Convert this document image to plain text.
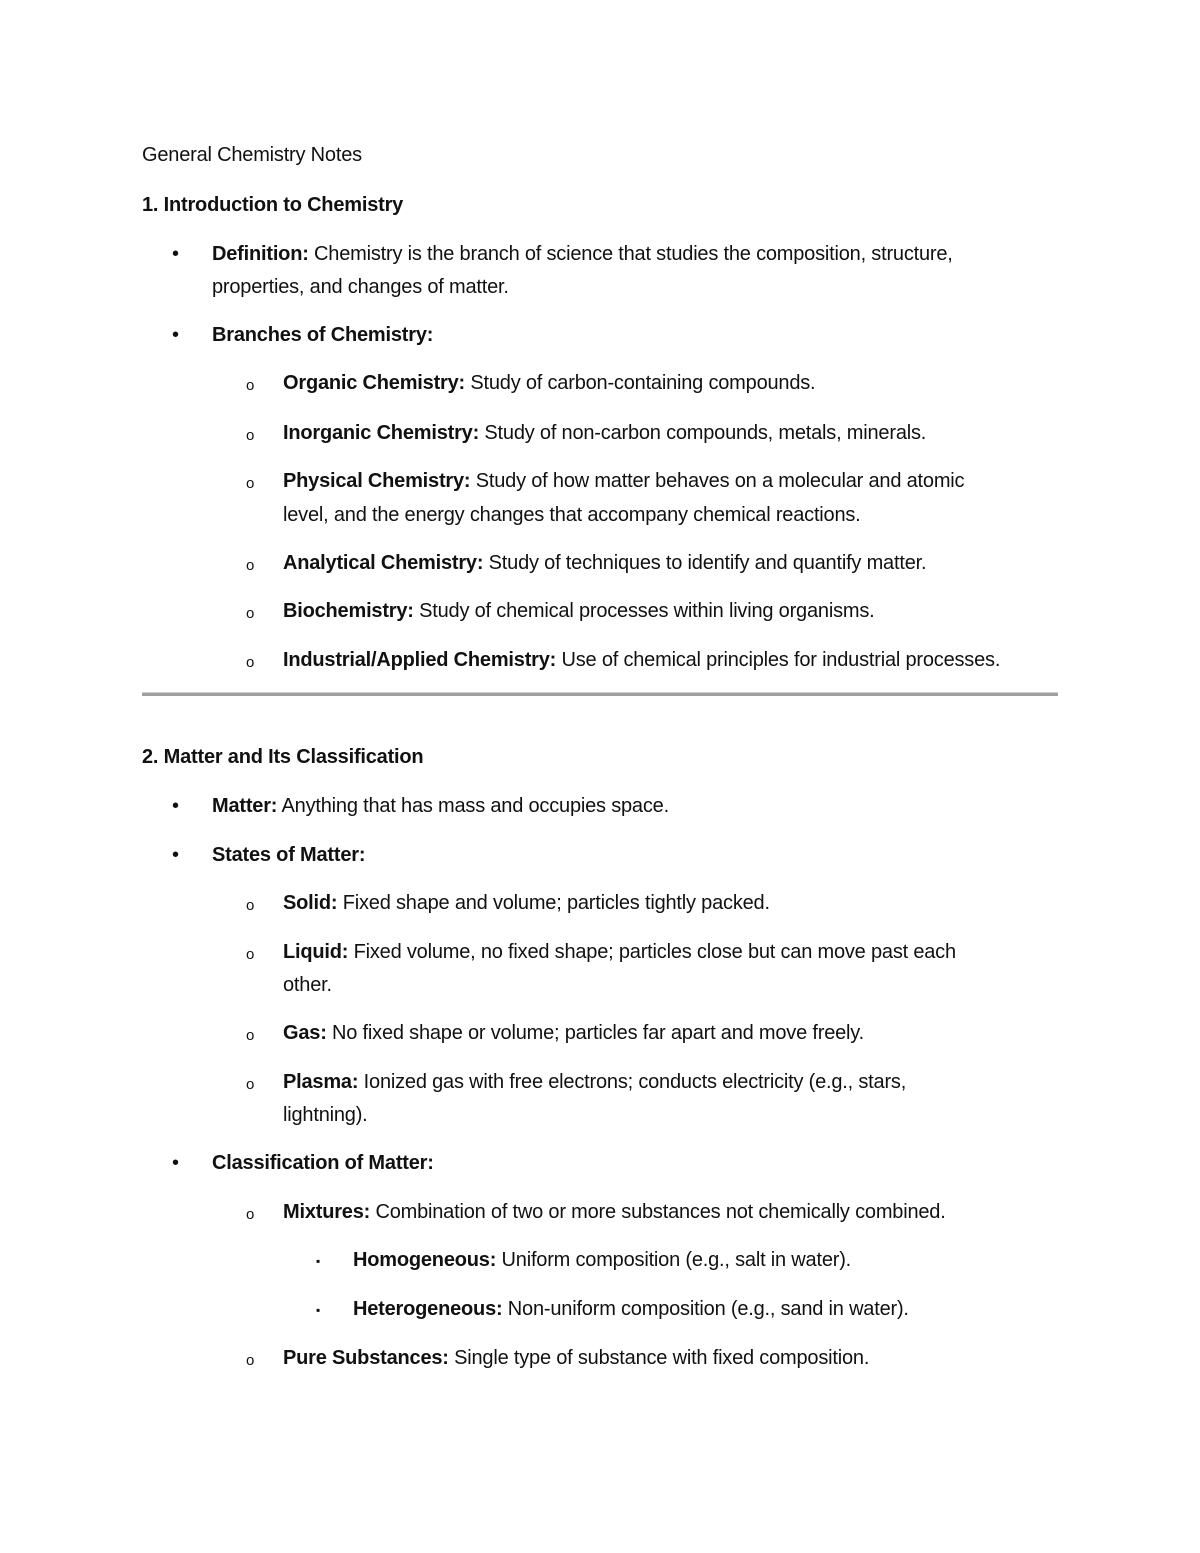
General Chemistry Notes
1. Introduction to Chemistry
• Definition: Chemistry is the branch of science that studies the composition, structure,
properties, and changes of matter.
• Branches of Chemistry:
o Organic Chemistry: Study of carbon-containing compounds.
o Inorganic Chemistry: Study of non-carbon compounds, metals, minerals.
o Physical Chemistry: Study of how matter behaves on a molecular and atomic
level, and the energy changes that accompany chemical reactions.
o Analytical Chemistry: Study of techniques to identify and quantify matter.
o Biochemistry: Study of chemical processes within living organisms.
o Industrial/Applied Chemistry: Use of chemical principles for industrial processes.
2. Matter and Its Classification
• Matter: Anything that has mass and occupies space.
• States of Matter:
o Solid: Fixed shape and volume; particles tightly packed.
o Liquid: Fixed volume, no fixed shape; particles close but can move past each
other.
o Gas: No fixed shape or volume; particles far apart and move freely.
o Plasma: Ionized gas with free electrons; conducts electricity (e.g., stars,
lightning).
• Classification of Matter:
o Mixtures: Combination of two or more substances not chemically combined.
▪ Homogeneous: Uniform composition (e.g., salt in water).
▪ Heterogeneous: Non-uniform composition (e.g., sand in water).
o Pure Substances: Single type of substance with fixed composition.
